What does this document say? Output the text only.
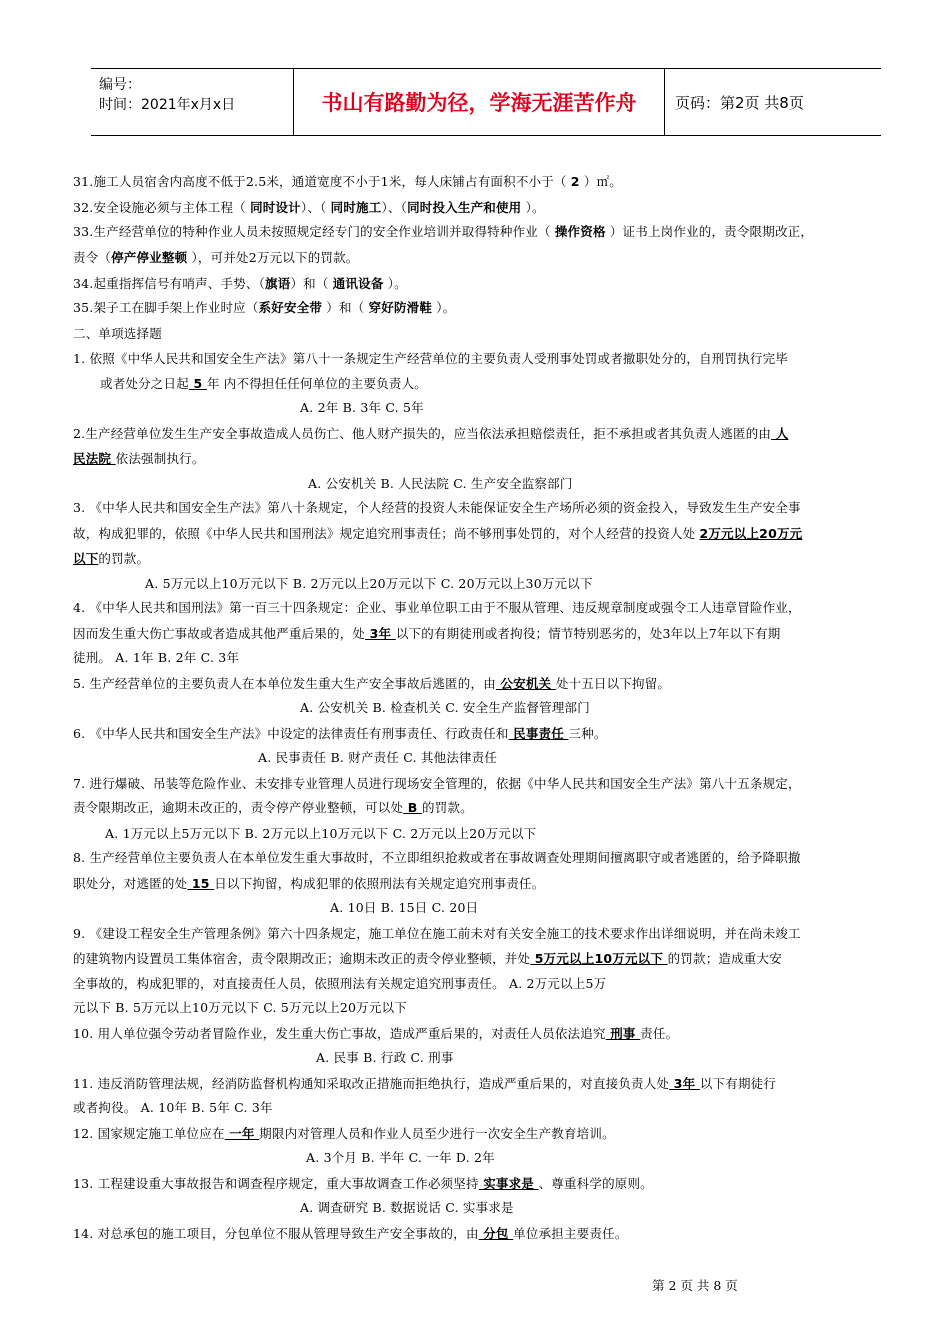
编号：
时间：2021年x月x日	书山有路勤为径，学海无涯苦作舟	页码：第2页 共8页
31.施工人员宿舍内高度不低于2.5米，通道宽度不小于1米，每人床铺占有面积不小于（ 2 ）㎡。
32.安全设施必须与主体工程（ 同时设计）、（ 同时施工）、（同时投入生产和使用 ）。
33.生产经营单位的特种作业人员未按照规定经专门的安全作业培训并取得特种作业（ 操作资格 ）证书上岗作业的，责令限期改正，
责令（停产停业整顿 ），可并处2万元以下的罚款。
34.起重指挥信号有哨声、手势、（旗语）和（ 通讯设备 ）。
35.架子工在脚手架上作业时应（系好安全带 ）和（ 穿好防滑鞋 ）。
二、单项选择题
1. 依照《中华人民共和国安全生产法》第八十一条规定生产经营单位的主要负责人受刑事处罚或者撤职处分的，自刑罚执行完毕
或者处分之日起 5 年 内不得担任任何单位的主要负责人。
A. 2年 B. 3年 C. 5年
2.生产经营单位发生生产安全事故造成人员伤亡、他人财产损失的，应当依法承担赔偿责任，拒不承担或者其负责人逃匿的由 人
民法院 依法强制执行。
A. 公安机关 B. 人民法院 C. 生产安全监察部门
3. 《中华人民共和国安全生产法》第八十条规定，个人经营的投资人未能保证安全生产场所必须的资金投入，导致发生生产安全事
故，构成犯罪的，依照《中华人民共和国刑法》规定追究刑事责任；尚不够刑事处罚的，对个人经营的投资人处 2万元以上20万元
以下的罚款。
A. 5万元以上10万元以下 B. 2万元以上20万元以下 C. 20万元以上30万元以下
4. 《中华人民共和国刑法》第一百三十四条规定：企业、事业单位职工由于不服从管理、违反规章制度或强令工人违章冒险作业，
因而发生重大伤亡事故或者造成其他严重后果的，处 3年 以下的有期徒刑或者拘役；情节特别恶劣的，处3年以上7年以下有期
徒刑。 A. 1年 B. 2年 C. 3年
5. 生产经营单位的主要负责人在本单位发生重大生产安全事故后逃匿的，由 公安机关 处十五日以下拘留。
A. 公安机关 B. 检查机关 C. 安全生产监督管理部门
6. 《中华人民共和国安全生产法》中设定的法律责任有刑事责任、行政责任和 民事责任 三种。
A. 民事责任 B. 财产责任 C. 其他法律责任
7. 进行爆破、吊装等危险作业、未安排专业管理人员进行现场安全管理的，依据《中华人民共和国安全生产法》第八十五条规定，
责令限期改正，逾期未改正的，责令停产停业整顿，可以处 B 的罚款。
A. 1万元以上5万元以下 B. 2万元以上10万元以下 C. 2万元以上20万元以下
8. 生产经营单位主要负责人在本单位发生重大事故时，不立即组织抢救或者在事故调查处理期间擅离职守或者逃匿的，给予降职撤
职处分，对逃匿的处 15 日以下拘留，构成犯罪的依照刑法有关规定追究刑事责任。
A. 10日 B. 15日 C. 20日
9. 《建设工程安全生产管理条例》第六十四条规定，施工单位在施工前未对有关安全施工的技术要求作出详细说明，并在尚未竣工
的建筑物内设置员工集体宿舍，责令限期改正；逾期未改正的责令停业整顿，并处 5万元以上10万元以下 的罚款；造成重大安
全事故的，构成犯罪的，对直接责任人员，依照刑法有关规定追究刑事责任。 A. 2万元以上5万
元以下 B. 5万元以上10万元以下 C. 5万元以上20万元以下
10. 用人单位强令劳动者冒险作业，发生重大伤亡事故，造成严重后果的，对责任人员依法追究 刑事 责任。
A. 民事 B. 行政 C. 刑事
11. 违反消防管理法规，经消防监督机构通知采取改正措施而拒绝执行，造成严重后果的，对直接负责人处 3年 以下有期徒行
或者拘役。 A. 10年 B. 5年 C. 3年
12. 国家规定施工单位应在 一年 期限内对管理人员和作业人员至少进行一次安全生产教育培训。
A. 3个月 B. 半年 C. 一年 D. 2年
13. 工程建设重大事故报告和调查程序规定，重大事故调查工作必须坚持 实事求是 、尊重科学的原则。
A. 调查研究 B. 数据说话 C. 实事求是
14. 对总承包的施工项目，分包单位不服从管理导致生产安全事故的，由 分包 单位承担主要责任。
第 2 页 共 8 页
